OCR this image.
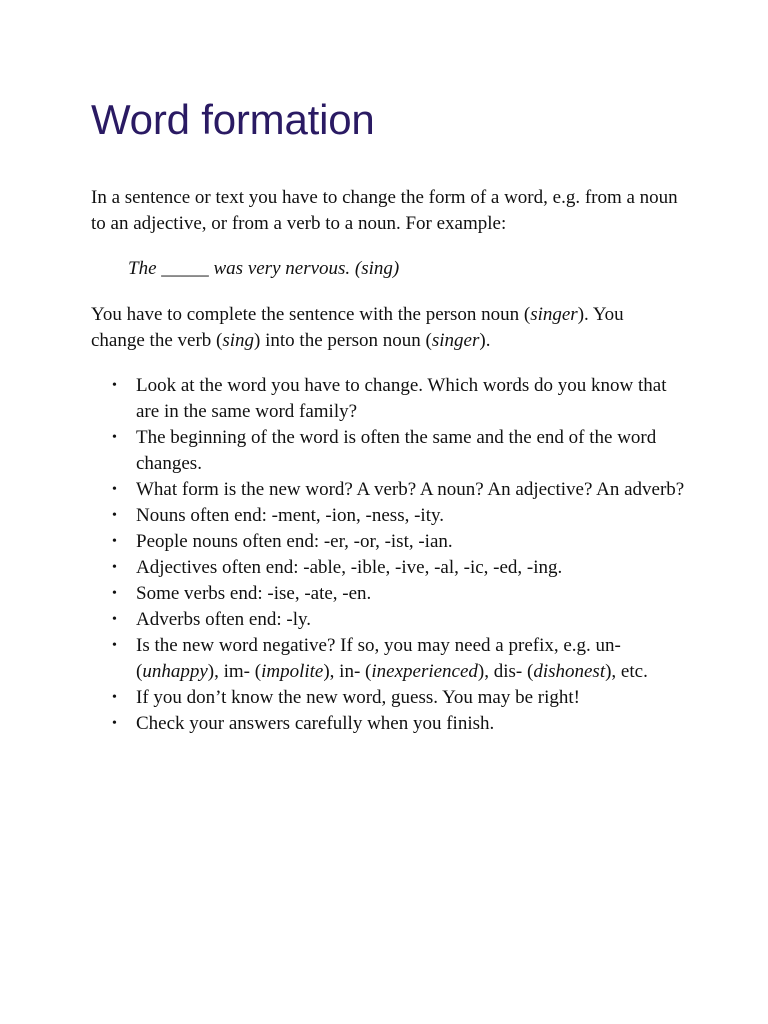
Word formation

In a sentence or text you have to change the form of a word, e.g. from a noun to an adjective, or from a verb to a noun. For example:

The _____ was very nervous. (sing)

You have to complete the sentence with the person noun (singer). You change the verb (sing) into the person noun (singer).

• Look at the word you have to change. Which words do you know that are in the same word family?
• The beginning of the word is often the same and the end of the word changes.
• What form is the new word? A verb? A noun? An adjective? An adverb?
• Nouns often end: -ment, -ion, -ness, -ity.
• People nouns often end: -er, -or, -ist, -ian.
• Adjectives often end: -able, -ible, -ive, -al, -ic, -ed, -ing.
• Some verbs end: -ise, -ate, -en.
• Adverbs often end: -ly.
• Is the new word negative? If so, you may need a prefix, e.g. un- (unhappy), im- (impolite), in- (inexperienced), dis- (dishonest), etc.
• If you don’t know the new word, guess. You may be right!
• Check your answers carefully when you finish.
